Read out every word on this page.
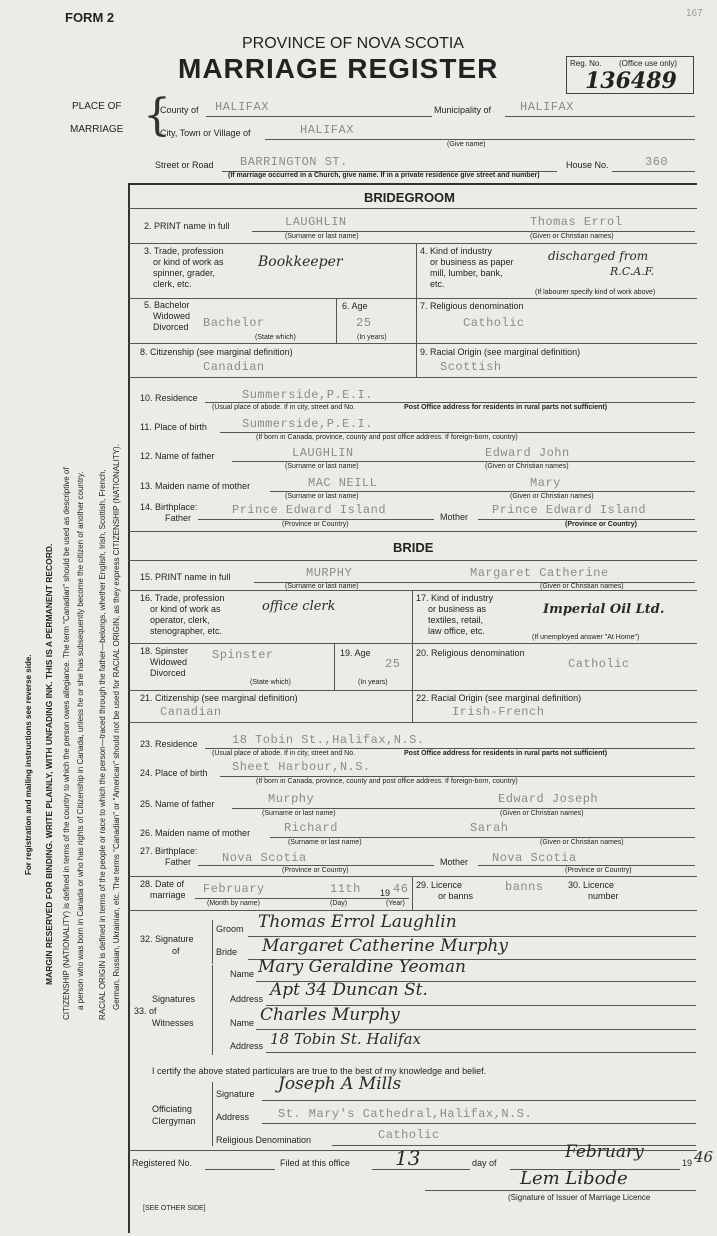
MARGIN RESERVED FOR BINDING. WRITE PLAINLY, WITH UNFADING INK. THIS IS A PERMANENT RECORD.
For registration and mailing instructions see reverse side.	CITIZENSHIP (NATIONALITY) is defined in terms of the country to which the person owes allegiance. The term "Canadian" should be used as descriptive of a person who was born in Canada or who has rights of Citizenship in Canada, unless he or she has subsequently become the citizen of another country. RACIAL ORIGIN is defined in terms of the people or race to which the person—traced through the father—belongs, whether English, Irish, Scottish, French, German, Russian, Ukrainian, etc. The terms "Canadian" or "American" should not be used for RACIAL ORIGIN, as they express CITIZENSHIP (NATIONALITY).
FORM 2	167
PROVINCE OF NOVA SCOTIA
MARRIAGE REGISTER	Reg. No. (Office use only)
136489
PLACE OF
MARRIAGE {
County of HALIFAX	Municipality of HALIFAX
City, Town or Village of	HALIFAX
(Give name)
Street or Road BARRINGTON ST.	House No.	360
(If marriage occurred in a Church, give name. If in a private residence give street and number)
BRIDEGROOM
2. PRINT name in full	LAUGHLIN	Thomas Errol
(Surname or last name)	(Given or Christian names)
3. Trade, profession
or kind of work as
spinner, grader,
clerk, etc.
Bookkeeper
4. Kind of industry
or business as paper
mill, lumber, bank,
etc.
discharged from
R.C.A.F.
(If labourer specify kind of work above)
5. Bachelor
Widowed
Divorced Bachelor
(State which)
6. Age
25
(In years)
7. Religious denomination
Catholic
8. Citizenship (see marginal definition)
Canadian
9. Racial Origin (see marginal definition)
Scottish
10. Residence	Summerside,P.E.I.
(Usual place of abode. If in city, street and No.	Post Office address for residents in rural parts not sufficient)
11. Place of birth	Summerside,P.E.I.
(If born in Canada, province, county and post office address. If foreign-born, country)
12. Name of father	LAUGHLIN	Edward John
(Surname or last name)	(Given or Christian names)
13. Maiden name of mother	MAC NEILL	Mary
(Surname or last name)	(Given or Christian names)
14. Birthplace:
Father
Prince Edward Island	Mother Prince Edward Island
(Province or Country)	(Province or Country)
BRIDE
15. PRINT name in full	MURPHY	Margaret Catherine
(Surname or last name)	(Given or Christian names)
16. Trade, profession
or kind of work as
operator, clerk,
stenographer, etc.
office clerk
17. Kind of industry
or business as
textiles, retail,
law office, etc.
Imperial Oil Ltd.
(If unemployed answer "At Home")
18. Spinster
Widowed
Divorced
Spinster
(State which)
19. Age
25
(In years)
20. Religious denomination
Catholic
21. Citizenship (see marginal definition)
Canadian
22. Racial Origin (see marginal definition)
Irish-French
23. Residence	18 Tobin St.,Halifax,N.S.
(Usual place of abode. If in city, street and No.	Post Office address for residents in rural parts not sufficient)
24. Place of birth Sheet Harbour,N.S.
(If born in Canada, province, county and post office address. If foreign-born, country)
25. Name of father	Murphy	Edward Joseph
(Surname or last name)	(Given or Christian names)
26. Maiden name of mother	Richard	Sarah
(Surname or last name)	(Given or Christian names)
27. Birthplace:
Father	Nova Scotia	Mother Nova Scotia
(Province or Country)	(Province or Country)
28. Date of
marriage February	11th 19 46
(Month by name)	(Day)	(Year)
29. Licence
or banns
banns	30. Licence
number
32. Signature
of
Groom Thomas Errol Laughlin
Bride Margaret Catherine Murphy
Signatures
33. of
Witnesses
Name Mary Geraldine Yeoman
Address Apt 34 Duncan St.
Name Charles Murphy
Address 18 Tobin St. Halifax
I certify the above stated particulars are true to the best of my knowledge and belief.
Officiating
Clergyman
Signature Joseph A Mills
Address St. Mary's Cathedral,Halifax,N.S.
Religious Denomination	Catholic
Registered No.	Filed at this office 13	day of
February
19 46
Lem Libode
(Signature of Issuer of Marriage Licence
[SEE OTHER SIDE]
